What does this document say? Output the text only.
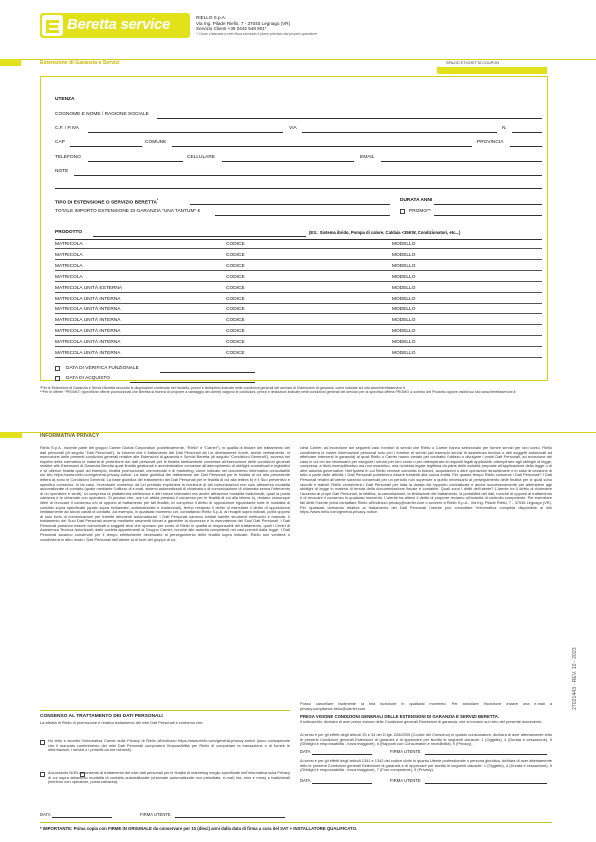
Beretta service	RIELLO S.p.A.
Via Ing. Pilade Riello, 7 - 37045 Legnago (VR)
Servizio Clienti +39 0442 548 901*
* Costo chiamata a rete fissa secondo il piano previsto dal proprio operatore
Estensione di Garanzia e Servizi	SPAZIO ETICHETTA COUPON
UTENZA
COGNOME E NOME / RAGIONE SOCIALE
C.F. / P.IVA	VIA	N.
CAP	COMUNE	PROVINCIA
TELEFONO	CELLULARE	EMAIL
NOTE
TIPO DI ESTENSIONE O SERVIZIO BERETTA*	DURATA ANNI
TOTALE IMPORTO ESTENSIONE DI GARANZIA "UNA TANTUM" €	PROMO**
PRODOTTO	(ES.: Sistema ibrido, Pompa di calore, Caldaia <35KW, Condizionatori, etc...)
MATRICOLA	CODICE	MODELLO
MATRICOLA	CODICE	MODELLO
MATRICOLA	CODICE	MODELLO
MATRICOLA	CODICE	MODELLO
MATRICOLA UNITÀ ESTERNA	CODICE	MODELLO
MATRICOLA UNITÀ INTERNA	CODICE	MODELLO
MATRICOLA UNITÀ INTERNA	CODICE	MODELLO
MATRICOLA UNITÀ INTERNA	CODICE	MODELLO
MATRICOLA UNITÀ INTERNA	CODICE	MODELLO
MATRICOLA UNITÀ INTERNA	CODICE	MODELLO
MATRICOLA UNITÀ INTERNA	CODICE	MODELLO
DATA DI VERIFICA FUNZIONALE
DATA DI ACQUISTO
*Per le Estensioni di Garanzia e Servizi Beretta secondo le disposizioni contenute nel modello, prezzi e limitazioni indicate nelle condizioni generali del servizio di Estensione di garanzia, come indicate sul sito www.berettaservice.it
**Per le offerte "PROMO" (specifiche offerte promozionali che Beretta si riserva di proporre a vantaggio dei clienti) valgono le condizioni, prezzi e limitazioni indicate nelle condizioni generali del servizio per la specifica offerta PROMO a corredo del Prodotto oppure visibili sul sito www.berettaservice.it
INFORMATIVA PRIVACY
Riello S.p.A., facente parte del gruppo Carrier Global Corporation (collettivamente, “Riello” e “Carrier”), in qualità di titolare del trattamento dei dati personali (di seguito “Dati Personali”), la informa che il trattamento dei Dati Personali da Lei direttamente forniti, anche verbalmente, in esecuzione delle presenti condizioni generali relative alle Estensioni di garanzia e Servizi Beretta (di seguito “Condizioni Generali”), avverrà nel rispetto della normativa in materia di protezione dei dati personali per le finalità strettamente connesse all’esecuzione delle condizioni generali relative alle Estensioni di Garanzia Beretta quali finalità gestionali e amministrative connesse all’adempimento di obblighi contrattuali e legislativi e ivi ulteriori finalità quali, ad esempio, finalità promozionali, commerciali e di marketing, come indicato nel documento informativo consultabile sul sito https://www.riello.com/general-privacy-notice. La base giuridica del trattamento dei Dati Personali per le finalità di cui alla precedente lettera a) sono le Condizioni Generali. La base giuridica del trattamento dei Dati Personali per le finalità di cui alla lettera b) è il Suo preventivo e specifico consenso. In tal caso, l’eventuale consenso da Lei prestato implicherà la ricezione di tali comunicazioni non solo attraverso modalità automatizzate di contatto (quale mediante l’utilizzo di e-mail, sistemi automatizzati di chiamata o di comunicazione di chiamata senza l’intervento di un operatore e simili), ivi compresa la piattaforma elettronica e altri mezzi telematici ma anche attraverso modalità tradizionali, quali la posta cartacea e le chiamate con operatore. Si precisa che, ove Lei abbia prestato il consenso per le finalità di cui alla lettera b), restano comunque liberi di revocare il consenso e/o di opporsi al trattamento per tali finalità, ivi compreso il diritto di opposizione riguardante tutte le modalità di contatto sopra specificate (quale sopra richiamate, automatizzate e tradizionali), fermo restando il diritto di esercitare il diritto di opposizione limitatamente ad alcuni canali di contatto. Ad esempio, in qualsiasi momento Lei, contattando Riello S.p.A. ai recapiti sopra indicati, potrà opporsi al solo invio di comunicazioni per tramite strumenti automatizzati. I Dati Personali saranno trattati tramite strumenti elettronici e manuali. Il trattamento dei Suoi Dati Personali avverrà mediante strumenti idonei a garantire la sicurezza e la riservatezza dei Suoi Dati Personali. I Dati Personali potranno essere comunicati a soggetti terzi che operano per conto di Riello in qualità di responsabili del trattamento, quali i Centri di Assistenza Tecnica Autorizzati, dalle società appartenenti al Gruppo Carrier, nonché alle autorità competenti nei casi previsti dalla legge. I Dati Personali saranno conservati per il tempo strettamente necessario al perseguimento delle finalità sopra indicate. Riello non venderà o condividerà in altro modo i Dati Personali dell’utente al di fuori del gruppo di so-
cietà Carrier, ad eccezione dei seguenti casi: fornitori di servizi che Riello o Carrier hanno selezionato per fornire servizi per loro conto. Riello condividerà le vostre informazioni personali solo con i fornitori di servizi (ad esempio servizi di assistenza tecnica o altri soggetti autorizzati ad effettuare interventi in garanzia) ai quali Riello o Carrier hanno vietato per contratto l’utilizzo o divulgare i vostri Dati Personali, ad eccezione del caso in cui ciò sia necessario per eseguire i servizi per loro conto o per ottemperare ai requisiti legali applicabili; ottemperare agli obblighi di legge, compresa, a titolo esemplificativo ma non esaustivo, una richiesta legale legittima da parte delle autorità preposte all’applicazione della legge o di altre autorità governative. Nell’ipotesi in cui Riello venisse coinvolta in fusioni, acquisizioni o altre operazioni straordinarie o in caso di cessione di tutto o parte delle attività, i Dati Personali potrebbero essere trasferiti alla nuova entità. Per quanto tempo Riello conserva i Dati Personali? I Dati Personali relativi all’utente saranno conservati per un periodo non superiore a quello necessario al perseguimento delle finalità per le quali sono raccolti e trattati. Riello conserverà i Dati Personali per tutta la durata del rapporto contrattuale e anche successivamente per adempiere agli obblighi di legge in materia di tenuta della documentazione fiscale e contabile. Quali sono i diritti dell’utente? L’utente ha il diritto di richiedere l’accesso ai propri Dati Personali, la rettifica, la cancellazione, la limitazione del trattamento, la portabilità dei dati, nonché di opporsi al trattamento e di revocare il consenso in qualsiasi momento. L’utente ha altresì il diritto di proporre reclamo all’autorità di controllo competente. Per esercitare tali diritti l’utente potrà contattare Riello all’indirizzo privacy@carrier.com o scrivere a Riello S.p.A., Via Ing. Pilade Riello, 7 - 37045 Legnago (VR). Per qualsiasi domanda relativa al trattamento dei Dati Personali l’utente può consultare l’informativa completa disponibile al link https://www.riello.com/general-privacy-notice.
Posso cancellare facilmente la mia iscrizione in qualsiasi momento. Per annullare l’iscrizione inviare una e-mail a privacy.compliance.riello@carrier.com
CONSENSO AL TRATTAMENTO DEI DATI PERSONALI
La attività di Riello di promozione e relativo trattamento dei miei Dati Personali e conformo che:
Ho letto e accetto l’informativa Carrier sulla Privacy di Riello all’indirizzo https://www.riello.com/general-privacy-notice (sono consapevole che il mancato conferimento dei miei Dati Personali comporterà l’impossibilità per Riello di completare la transazione o di fornire le informazioni, i servizi o i prodotti da me richiesti).
Acconsento NON acconsento al trattamento dei miei dati personali per le finalità di marketing meglio specificate nell’informativa sulla Privacy di cui sopra attraverso modalità di contatto automatizzate (chiamate automatizzate non presidiate, e-mail, fax, sms e mms) e tradizionali (telefono con operatore, posta cartacea).
DATA	FIRMA UTENTE
PRESA VISIONE CONDIZIONI GENERALI DELLE ESTENSIONI DI GARANZIA E SERVIZI BERETTA.
Il sottoscritto, dichiara di aver preso visione delle Condizioni generali Estensioni di garanzia, che si trovano sul retro del presente documento.
Ai sensi e per gli effetti degli articoli 33 e 34 del D.lgs. 206/2005 (Codice del Consumo) in quanto consumatore, dichiara di aver attentamente letto le presenti Condizioni generali Estensioni di garanzia e di approvare per iscritto le seguenti clausole: 1 (Oggetto), 4 (Durata e cessazione), 5 (Obblighi e responsabilità - forza maggiore), 6 (Rapporti con Consumatori e recedibilità), 9 (Privacy).
DATA	FIRMA UTENTE
Ai sensi e per gli effetti degli articoli 1341 e 1342 del codice civile in quanto Utente professionale o persona giuridica, dichiara di aver attentamente letto le presenti Condizioni generali Estensioni di garanzia e di approvare per iscritto le seguenti clausole: 1 (Oggetto), 4 (Durata e cessazione), 5 (Obblighi e responsabilità - forza maggiore), 7 (Foro competente), 9 (Privacy).
DATA	FIRMA UTENTE
* IMPORTANTE: Prima copia con FIRME IN ORIGINALE da conservare per 10 (dieci) anni dalla data di firma a cura del SAT + INSTALLATORE QUALIFICATO.
27021443 - REV. 10 - 2023
